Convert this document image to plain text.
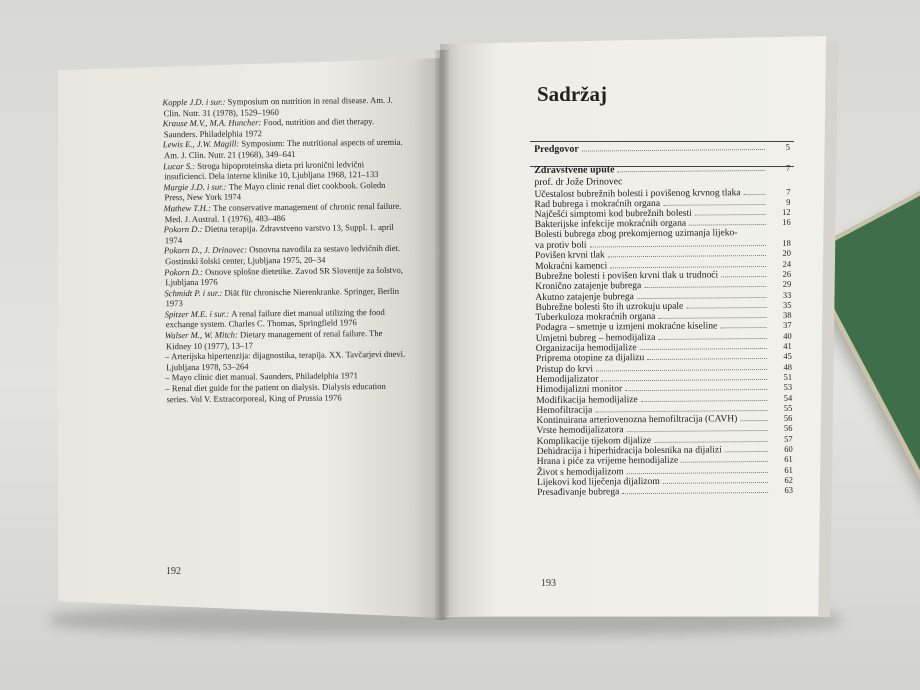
Kopple J.D. i sur.: Symposium on nutrition in renal disease. Am. J. Clin. Nutr. 31 (1978), 1529–1960

Krause M.V., M.A. Huncher: Food, nutrition and diet therapy. Saunders. Philadelphia 1972

Lewis E., J.W. Magill: Symposium: The nutritional aspects of uremia. Am. J. Clin. Nutr. 21 (1968), 349–641

Lucar S.: Stroga hipoproteinska dieta pri kroničnì ledvični insuficienci. Dela interne klinike 10, Ljubljana 1968, 121–133

Margie J.D. i sur.: The Mayo clinic renal diet cookbook. Goledn Press, New York 1974

Mathew T.H.: The conservative management of chronic renal failure. Med. J. Austral. 1 (1976), 483–486

Pokorn D.: Dietna terapija. Zdravstveno varstvo 13, Suppl. 1. april 1974

Pokorn D., J. Drinovec: Osnovna navodila za sestavo ledvičnih diet. Gostinski šolski center, Ljubljana 1975, 20–34

Pokorn D.: Osnove splošne dietetike. Zavod SR Slovenije za šolstvo, Ljubljana 1976

Schmidt P. i sur.: Diät für chronische Nierenkranke. Springer, Berlin 1973

Spitzer M.E. i sur.: A renal failure diet manual utilizing the food exchange system. Charles C. Thomas, Springfield 1976

Walser M., W. Mitch: Dietary management of renal failure. The Kidney 10 (1977), 13–17

– Arterijska hipertenzija: dijagnostika, terapija. XX. Tavčarjevi dnevi. Ljubljana 1978, 53–264

– Mayo clinic diet manual. Saunders, Philadelphia 1971

– Renal diet guide for the patient on dialysis. Dialysis education series. Vol V. Extracorporeal, King of Prussia 1976

192
Sadržaj
Predgovor	5
Zdravstvene upute	7
prof. dr Jože Drinovec
Učestalost bubrežnih bolesti i povišenog krvnog tlaka	7
Rad bubrega i mokraćnih organa	9
Najčešći simptomi kod bubrežnih bolesti	12
Bakterijske infekcije mokraćnih organa	16
Bolesti bubrega zbog prekomjernog uzimanja lijeko-
va protiv boli	18
Povišen krvni tlak	20
Mokraćni kamenci	24
Bubrežne bolesti i povišen krvni tlak u trudnoći	26
Kronično zatajenje bubrega	29
Akutno zatajenje bubrega	33
Bubrežne bolesti što ih uzrokuju upale	35
Tuberkuloza mokraćnih organa	38
Podagra – smetnje u izmjeni mokraćne kiseline	37
Umjetni bubreg – hemodijaliza	40
Organizacija hemodijalize	41
Priprema otopine za dijalizu	45
Pristup do krvi	48
Hemodijalizator	51
Himodijalizni monitor	53
Modifikacija hemodijalize	54
Hemofiltracija	55
Kontinuirana arteriovenozna hemofiltracija (CAVH)	56
Vrste hemodijalizatora	56
Komplikacije tijekom dijalize	57
Dehidracija i hiperhidracija bolesnika na dijalizi	60
Hrana i piće za vrijeme hemodijalize	61
Život s hemodijalizom	61
Lijekovi kod liječenja dijalizom	62
Presađivanje bubrega	63
193
